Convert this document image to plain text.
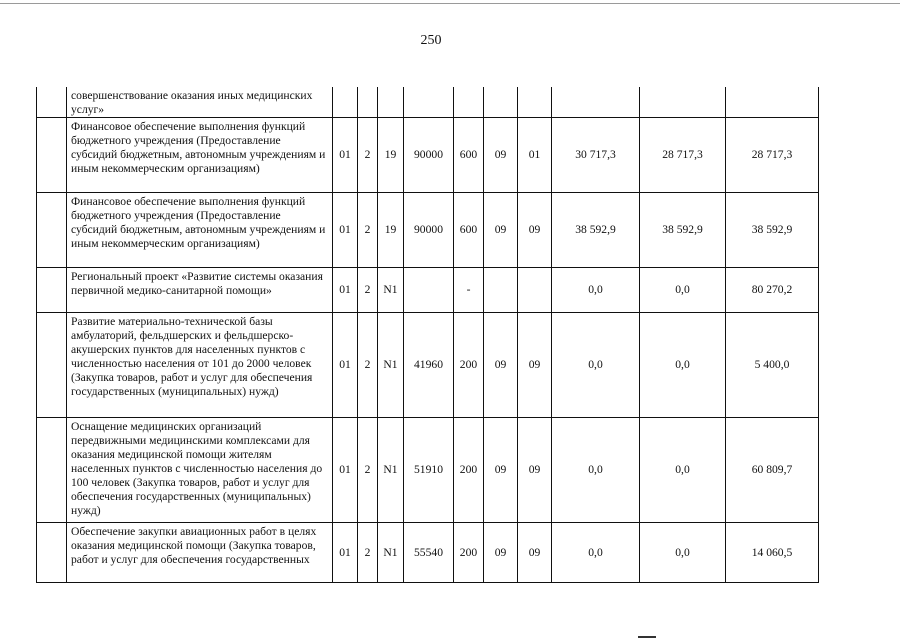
250
	совершенствование оказания иных медицинских услуг»										
	Финансовое обеспечение выполнения функций бюджетного учреждения (Предоставление субсидий бюджетным, автономным учреждениям и иным некоммерческим организациям)	01	2	19	90000	600	09	01	30 717,3	28 717,3	28 717,3
	Финансовое обеспечение выполнения функций бюджетного учреждения (Предоставление субсидий бюджетным, автономным учреждениям и иным некоммерческим организациям)	01	2	19	90000	600	09	09	38 592,9	38 592,9	38 592,9
	Региональный проект «Развитие системы оказания первичной медико-санитарной помощи»	01	2	N1		-			0,0	0,0	80 270,2
	Развитие материально-технической базы амбулаторий, фельдшерских и фельдшерско-акушерских пунктов для населенных пунктов с численностью населения от 101 до 2000 человек (Закупка товаров, работ и услуг для обеспечения государственных (муниципальных) нужд)	01	2	N1	41960	200	09	09	0,0	0,0	5 400,0
	Оснащение медицинских организаций передвижными медицинскими комплексами для оказания медицинской помощи жителям населенных пунктов с численностью населения до 100 человек (Закупка товаров, работ и услуг для обеспечения государственных (муниципальных) нужд)	01	2	N1	51910	200	09	09	0,0	0,0	60 809,7
	Обеспечение закупки авиационных работ в целях оказания медицинской помощи (Закупка товаров, работ и услуг для обеспечения государственных	01	2	N1	55540	200	09	09	0,0	0,0	14 060,5
